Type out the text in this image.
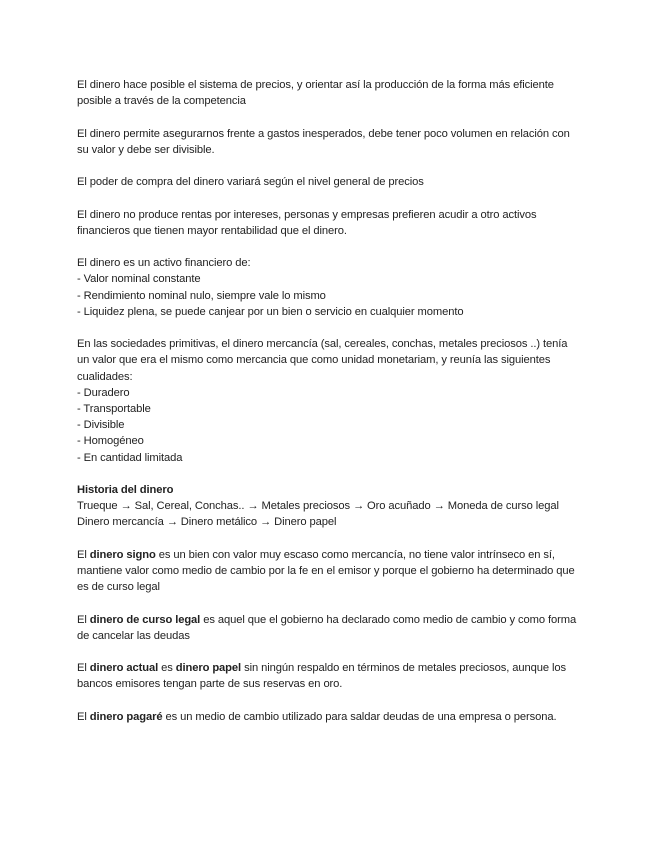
El dinero hace posible el sistema de precios, y orientar así la producción de la forma más eficiente posible a través de la competencia

El dinero permite asegurarnos frente a gastos inesperados, debe tener poco volumen en relación con su valor y debe ser divisible.

El poder de compra del dinero variará según el nivel general de precios

El dinero no produce rentas por intereses, personas y empresas prefieren acudir a otro activos financieros que tienen mayor rentabilidad que el dinero.

El dinero es un activo financiero de:
- Valor nominal constante
- Rendimiento nominal nulo, siempre vale lo mismo
- Liquidez plena, se puede canjear por un bien o servicio en cualquier momento
En las sociedades primitivas, el dinero mercancía (sal, cereales, conchas, metales preciosos ..) tenía un valor que era el mismo como mercancia que como unidad monetariam, y reunía las siguientes cualidades:
- Duradero
- Transportable
- Divisible
- Homogéneo
- En cantidad limitada
Historia del dinero
Trueque → Sal, Cereal, Conchas.. → Metales preciosos → Oro acuñado → Moneda de curso legal
Dinero mercancía → Dinero metálico → Dinero papel

El dinero signo es un bien con valor muy escaso como mercancía, no tiene valor intrínseco en sí, mantiene valor como medio de cambio por la fe en el emisor y porque el gobierno ha determinado que es de curso legal

El dinero de curso legal es aquel que el gobierno ha declarado como medio de cambio y como forma de cancelar las deudas

El dinero actual es dinero papel sin ningún respaldo en términos de metales preciosos, aunque los bancos emisores tengan parte de sus reservas en oro.

El dinero pagaré es un medio de cambio utilizado para saldar deudas de una empresa o persona.
